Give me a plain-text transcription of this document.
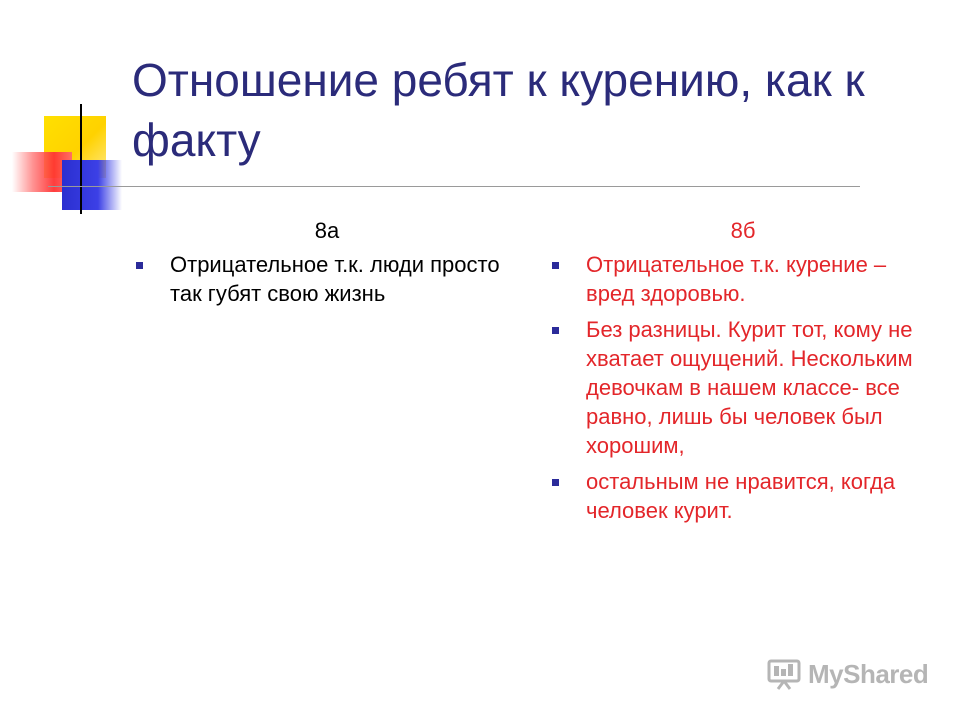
Отношение ребят к курению, как к факту
8а
Отрицательное т.к. люди просто так губят свою жизнь
8б
Отрицательное т.к. курение – вред здоровью.
Без разницы. Курит тот, кому не хватает ощущений. Нескольким девочкам в нашем классе- все равно, лишь бы человек был хорошим,
остальным не нравится, когда человек курит.
MyShared
